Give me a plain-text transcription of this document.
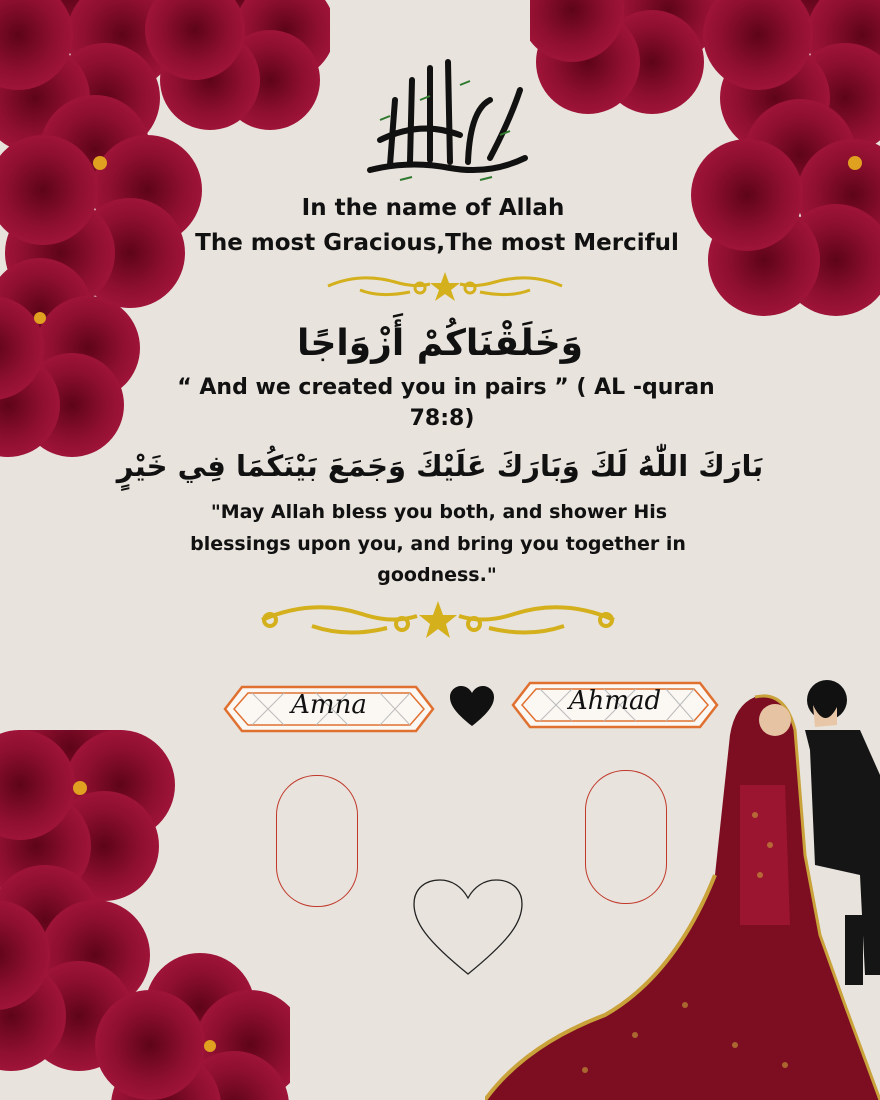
In the name of Allah
The most Gracious,The most Merciful
وَخَلَقْنَاكُمْ أَزْوَاجًا
“ And we created you in pairs ” ( AL -quran
78:8)
بَارَكَ اللّٰهُ لَكَ وَبَارَكَ عَلَيْكَ وَجَمَعَ بَيْنَكُمَا فِي خَيْرٍ
"May Allah bless you both, and shower His
blessings upon you, and bring you together in
goodness."
Amna	Ahmad
